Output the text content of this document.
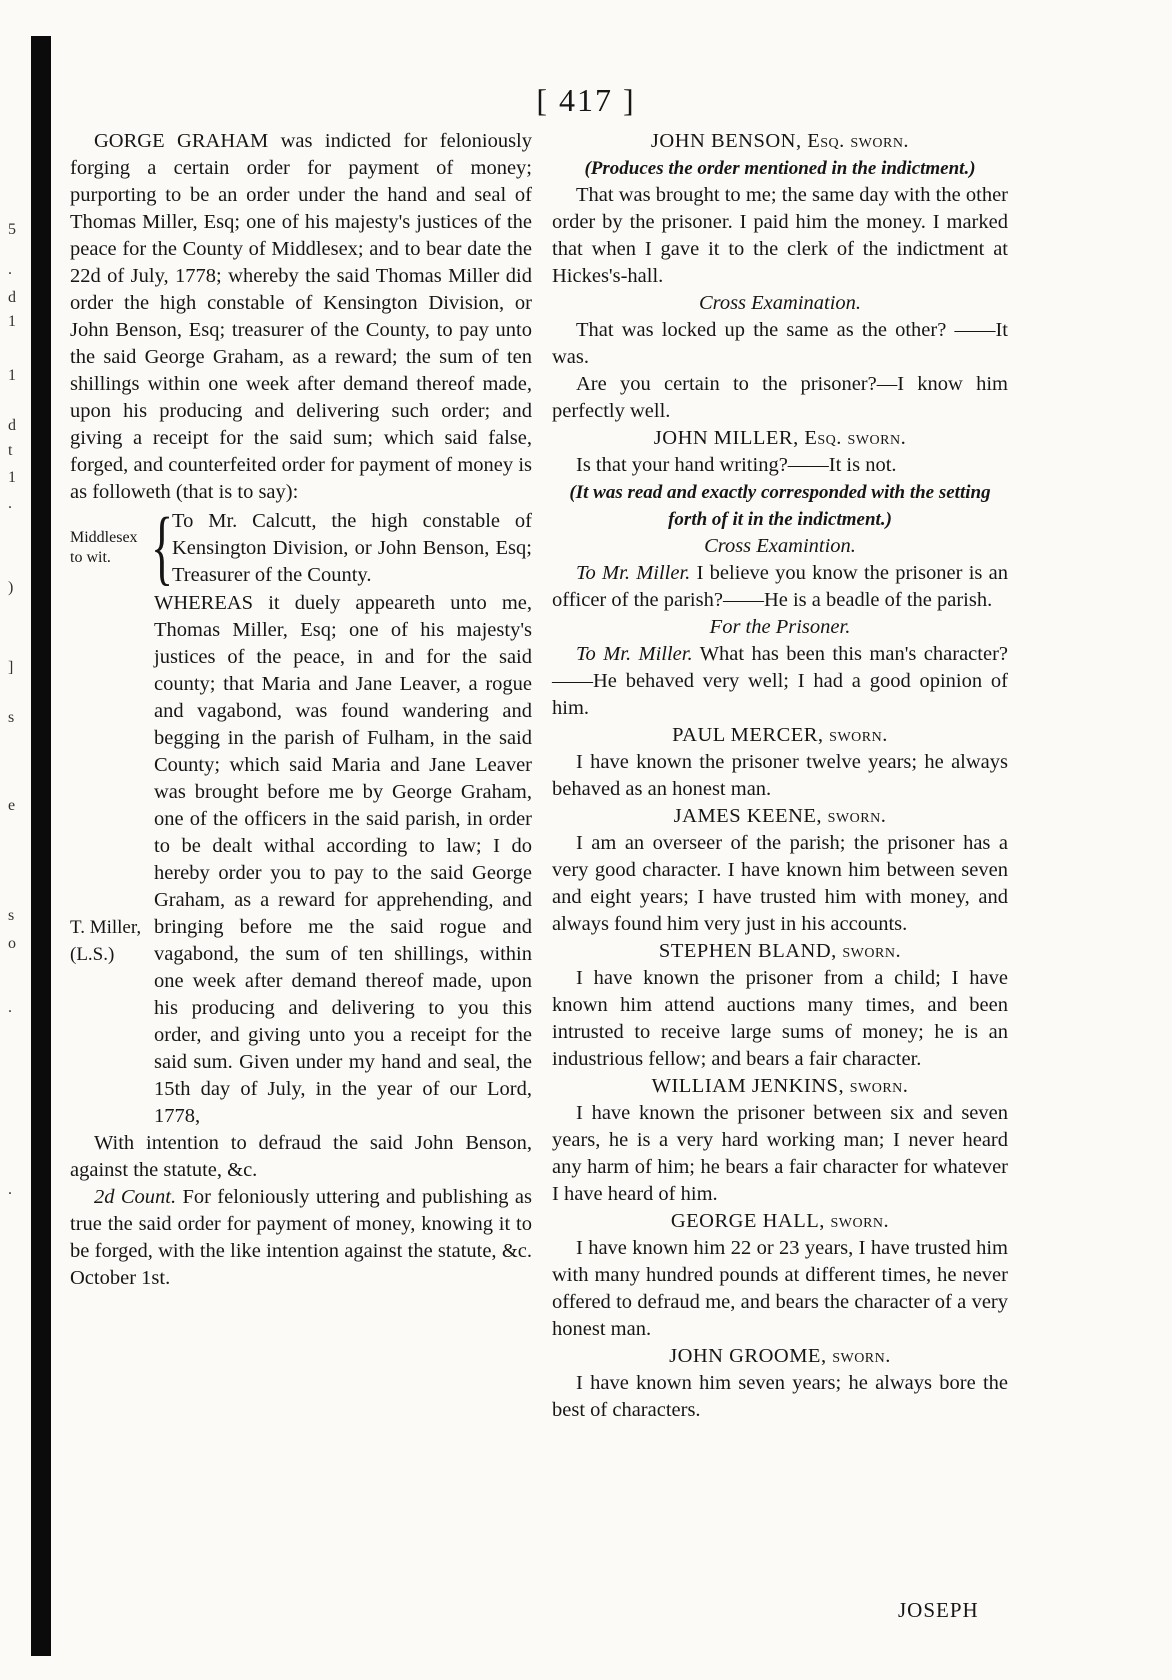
5
.
d
1
1
d
t
1
.
)
]
s
e
s
o
.
.
[ 417 ]

GORGE GRAHAM was indicted for feloniously forging a certain order for payment of money; purporting to be an order under the hand and seal of Thomas Miller, Esq; one of his majesty's justices of the peace for the County of Middlesex; and to bear date the 22d of July, 1778; whereby the said Thomas Miller did order the high constable of Kensington Division, or John Benson, Esq; treasurer of the County, to pay unto the said George Graham, as a reward; the sum of ten shillings within one week after demand thereof made, upon his producing and delivering such order; and giving a receipt for the said sum; which said false, forged, and counterfeited order for payment of money is as followeth (that is to say):

Middlesex to wit. {
To Mr. Calcutt, the high constable of Kensington Division, or John Benson, Esq; Treasurer of the County.
T. Miller, (L.S.)
WHEREAS it duely appeareth unto me, Thomas Miller, Esq; one of his majesty's justices of the peace, in and for the said county; that Maria and Jane Leaver, a rogue and vagabond, was found wandering and begging in the parish of Fulham, in the said County; which said Maria and Jane Leaver was brought before me by George Graham, one of the officers in the said parish, in order to be dealt withal according to law; I do hereby order you to pay to the said George Graham, as a reward for apprehending, and bringing before me the said rogue and vagabond, the sum of ten shillings, within one week after demand thereof made, upon his producing and delivering to you this order, and giving unto you a receipt for the said sum. Given under my hand and seal, the 15th day of July, in the year of our Lord, 1778,

With intention to defraud the said John Benson, against the statute, &c.

2d Count. For feloniously uttering and publishing as true the said order for payment of money, knowing it to be forged, with the like intention against the statute, &c. October 1st.

JOHN BENSON, Esq. sworn.

(Produces the order mentioned in the indictment.)

That was brought to me; the same day with the other order by the prisoner. I paid him the money. I marked that when I gave it to the clerk of the indictment at Hickes's-hall.

Cross Examination.

That was locked up the same as the other? ——It was.

Are you certain to the prisoner?—I know him perfectly well.

JOHN MILLER, Esq. sworn.

Is that your hand writing?——It is not.

(It was read and exactly corresponded with the setting forth of it in the indictment.)

Cross Examintion.

To Mr. Miller. I believe you know the prisoner is an officer of the parish?——He is a beadle of the parish.

For the Prisoner.

To Mr. Miller. What has been this man's character?——He behaved very well; I had a good opinion of him.

PAUL MERCER, sworn.

I have known the prisoner twelve years; he always behaved as an honest man.

JAMES KEENE, sworn.

I am an overseer of the parish; the prisoner has a very good character. I have known him between seven and eight years; I have trusted him with money, and always found him very just in his accounts.

STEPHEN BLAND, sworn.

I have known the prisoner from a child; I have known him attend auctions many times, and been intrusted to receive large sums of money; he is an industrious fellow; and bears a fair character.

WILLIAM JENKINS, sworn.

I have known the prisoner between six and seven years, he is a very hard working man; I never heard any harm of him; he bears a fair character for whatever I have heard of him.

GEORGE HALL, sworn.

I have known him 22 or 23 years, I have trusted him with many hundred pounds at different times, he never offered to defraud me, and bears the character of a very honest man.

JOHN GROOME, sworn.

I have known him seven years; he always bore the best of characters.

JOSEPH
